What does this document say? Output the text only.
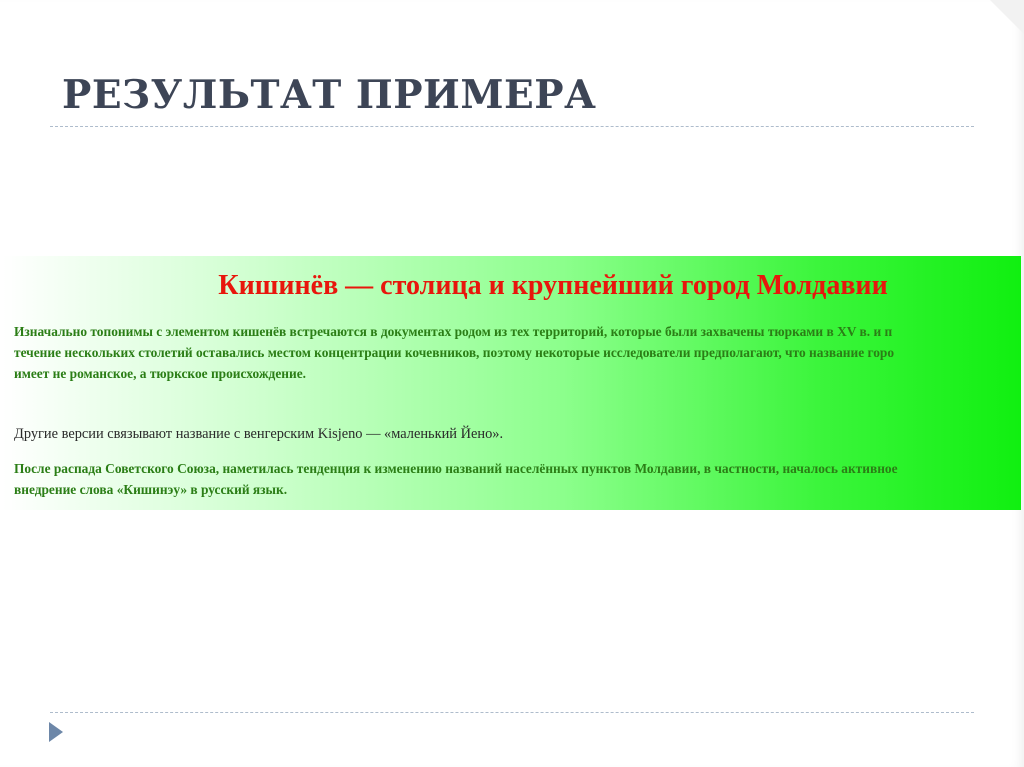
РЕЗУЛЬТАТ ПРИМЕРА
Кишинёв — столица и крупнейший город Молдавии
Изначально топонимы с элементом кишенёв встречаются в документах родом из тех территорий, которые были захвачены тюрками в XV в. и п
течение нескольких столетий оставались местом концентрации кочевников, поэтому некоторые исследователи предполагают, что название горо
имеет не романское, а тюркское происхождение.
Другие версии связывают название с венгерским Kisjeno — «маленький Йено».
После распада Советского Союза, наметилась тенденция к изменению названий населённых пунктов Молдавии, в частности, началось активное
внедрение слова «Кишинэу» в русский язык.
